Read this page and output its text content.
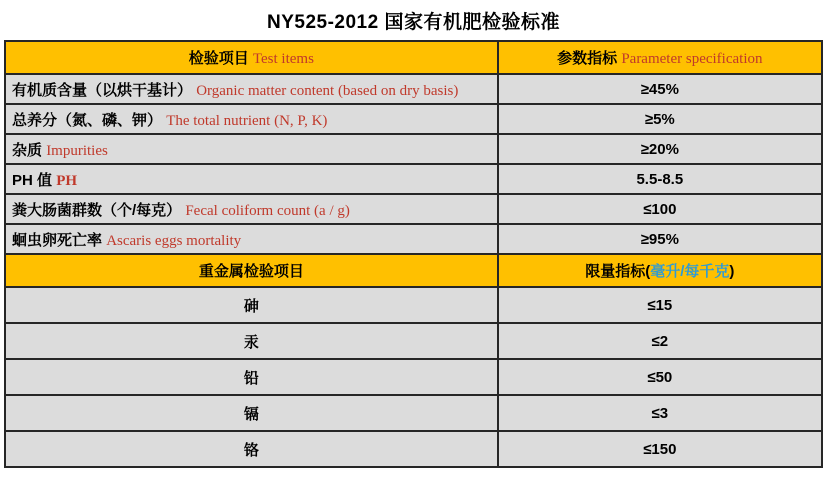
NY525-2012 国家有机肥检验标准
检验项目 Test items	参数指标 Parameter specification
有机质含量（以烘干基计） Organic matter content (based on dry basis)	≥45%
总养分（氮、磷、钾） The total nutrient (N, P, K)	≥5%
杂质 Impurities	≥20%
PH 值 PH	5.5-8.5
粪大肠菌群数（个/每克） Fecal coliform count (a / g)	≤100
蛔虫卵死亡率 Ascaris eggs mortality	≥95%
重金属检验项目	限量指标(毫升/每千克)
砷	≤15
汞	≤2
铅	≤50
镉	≤3
铬	≤150
